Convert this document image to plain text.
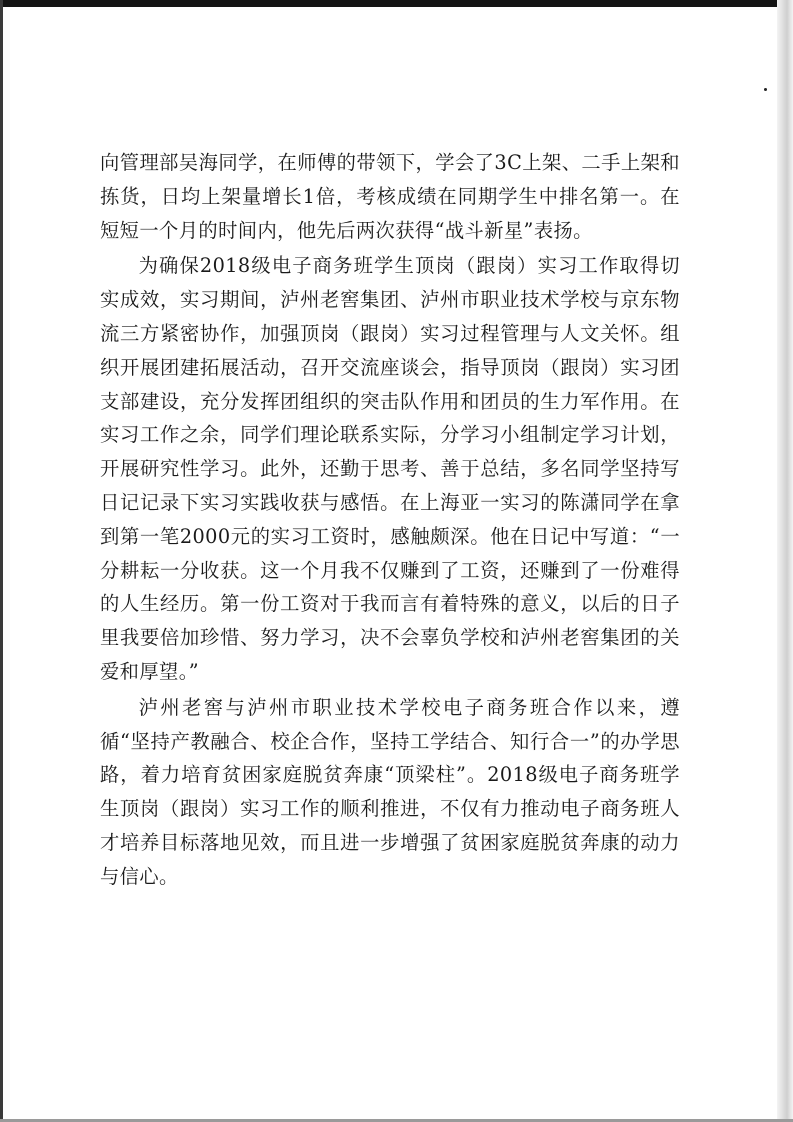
向管理部吴海同学，在师傅的带领下，学会了3C上架、二手上架和拣货，日均上架量增长1倍，考核成绩在同期学生中排名第一。在短短一个月的时间内，他先后两次获得“战斗新星”表扬。

为确保2018级电子商务班学生顶岗（跟岗）实习工作取得切实成效，实习期间，泸州老窖集团、泸州市职业技术学校与京东物流三方紧密协作，加强顶岗（跟岗）实习过程管理与人文关怀。组织开展团建拓展活动，召开交流座谈会，指导顶岗（跟岗）实习团支部建设，充分发挥团组织的突击队作用和团员的生力军作用。在实习工作之余，同学们理论联系实际，分学习小组制定学习计划，开展研究性学习。此外，还勤于思考、善于总结，多名同学坚持写日记记录下实习实践收获与感悟。在上海亚一实习的陈潇同学在拿到第一笔2000元的实习工资时，感触颇深。他在日记中写道：“一分耕耘一分收获。这一个月我不仅赚到了工资，还赚到了一份难得的人生经历。第一份工资对于我而言有着特殊的意义，以后的日子里我要倍加珍惜、努力学习，决不会辜负学校和泸州老窖集团的关爱和厚望。”

泸州老窖与泸州市职业技术学校电子商务班合作以来，遵循“坚持产教融合、校企合作，坚持工学结合、知行合一”的办学思路，着力培育贫困家庭脱贫奔康“顶梁柱”。2018级电子商务班学生顶岗（跟岗）实习工作的顺利推进，不仅有力推动电子商务班人才培养目标落地见效，而且进一步增强了贫困家庭脱贫奔康的动力与信心。
